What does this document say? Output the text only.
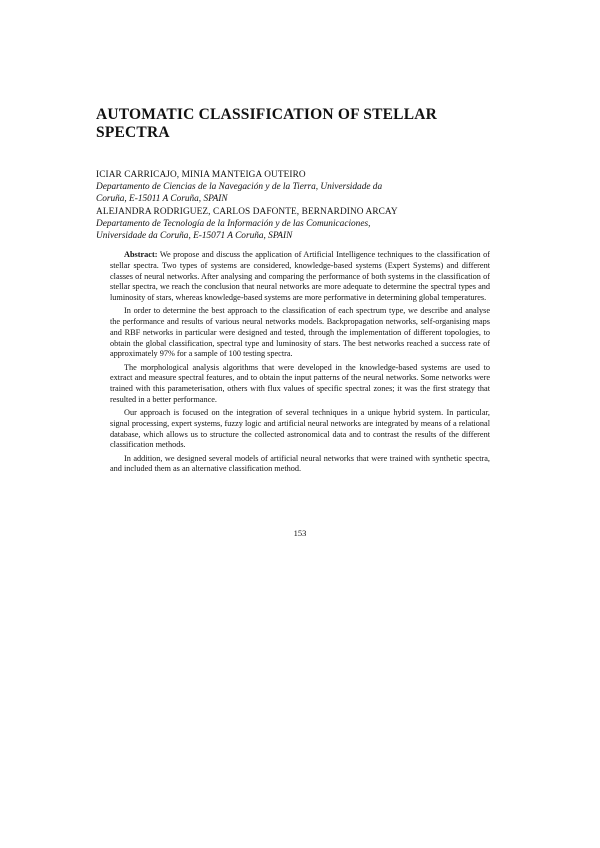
AUTOMATIC CLASSIFICATION OF STELLAR
SPECTRA
ICIAR CARRICAJO, MINIA MANTEIGA OUTEIRO
Departamento de Ciencias de la Navegación y de la Tierra, Universidade da
Coruña, E-15011 A Coruña, SPAIN
ALEJANDRA RODRIGUEZ, CARLOS DAFONTE, BERNARDINO ARCAY
Departamento de Tecnología de la Información y de las Comunicaciones,
Universidade da Coruña, E-15071 A Coruña, SPAIN

Abstract: We propose and discuss the application of Artificial Intelligence techniques to the classification of stellar spectra. Two types of systems are considered, knowledge-based systems (Expert Systems) and different classes of neural networks. After analysing and comparing the performance of both systems in the classification of stellar spectra, we reach the conclusion that neural networks are more adequate to determine the spectral types and luminosity of stars, whereas knowledge-based systems are more performative in determining global temperatures.

In order to determine the best approach to the classification of each spectrum type, we describe and analyse the performance and results of various neural networks models. Backpropagation networks, self-organising maps and RBF networks in particular were designed and tested, through the implementation of different topologies, to obtain the global classification, spectral type and luminosity of stars. The best networks reached a success rate of approximately 97% for a sample of 100 testing spectra.

The morphological analysis algorithms that were developed in the knowledge-based systems are used to extract and measure spectral features, and to obtain the input patterns of the neural networks. Some networks were trained with this parameterisation, others with flux values of specific spectral zones; it was the first strategy that resulted in a better performance.

Our approach is focused on the integration of several techniques in a unique hybrid system. In particular, signal processing, expert systems, fuzzy logic and artificial neural networks are integrated by means of a relational database, which allows us to structure the collected astronomical data and to contrast the results of the different classification methods.

In addition, we designed several models of artificial neural networks that were trained with synthetic spectra, and included them as an alternative classification method.

153
